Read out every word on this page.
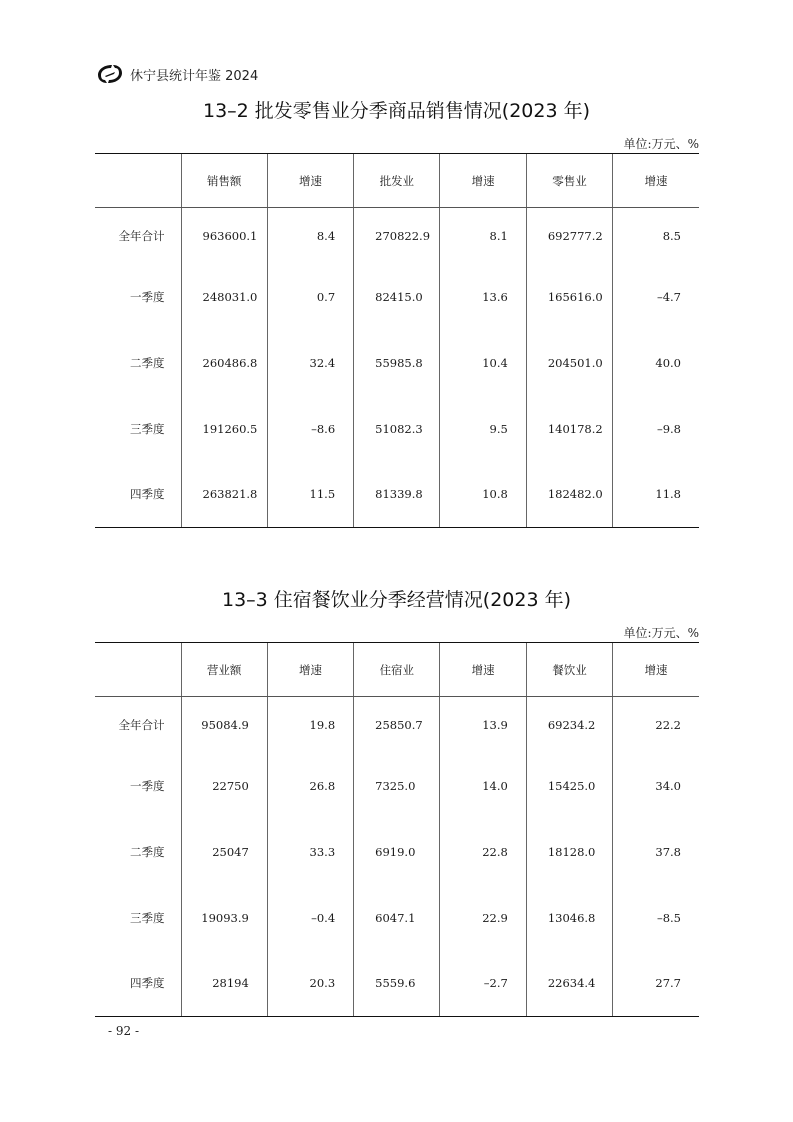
休宁县统计年鉴 2024
13–2 批发零售业分季商品销售情况(2023 年)
单位:万元、%
	销售额	增速	批发业	增速	零售业	增速
全年合计	963600.1	8.4	270822.9	8.1	692777.2	8.5
一季度	248031.0	0.7	82415.0	13.6	165616.0	–4.7
二季度	260486.8	32.4	55985.8	10.4	204501.0	40.0
三季度	191260.5	–8.6	51082.3	9.5	140178.2	–9.8
四季度	263821.8	11.5	81339.8	10.8	182482.0	11.8
13–3 住宿餐饮业分季经营情况(2023 年)
单位:万元、%
	营业额	增速	住宿业	增速	餐饮业	增速
全年合计	95084.9	19.8	25850.7	13.9	69234.2	22.2
一季度	22750	26.8	7325.0	14.0	15425.0	34.0
二季度	25047	33.3	6919.0	22.8	18128.0	37.8
三季度	19093.9	–0.4	6047.1	22.9	13046.8	–8.5
四季度	28194	20.3	5559.6	–2.7	22634.4	27.7
- 92 -
